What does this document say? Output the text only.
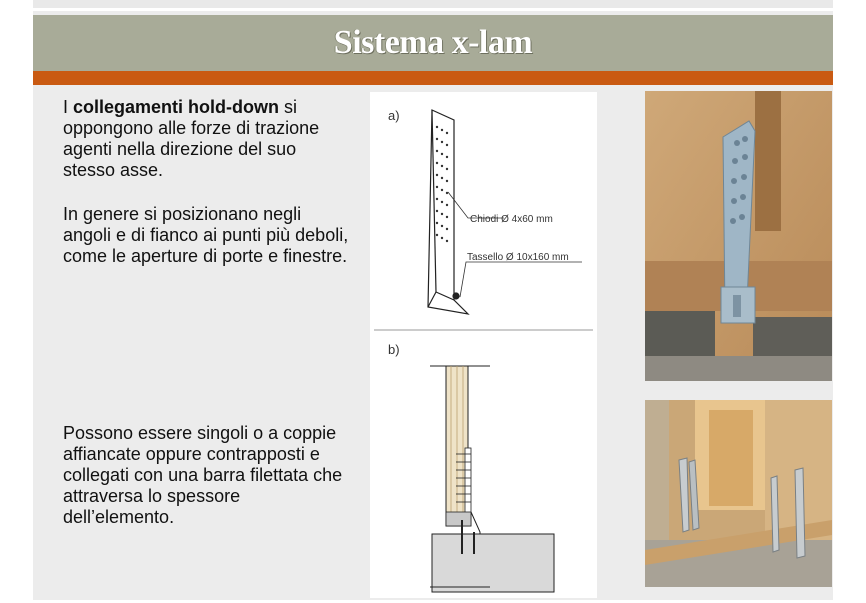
Sistema x-lam

I collegamenti hold-down si oppongono alle forze di trazione agenti nella direzione del suo stesso asse.

In genere si posizionano negli angoli e di fianco ai punti più deboli, come le aperture di porte e finestre.

Possono essere singoli o a coppie affiancate oppure contrapposti e collegati con una barra filettata che attraversa lo spessore dell’elemento.

a)
Chiodi Ø 4x60 mm
Tassello Ø 10x160 mm
b)
